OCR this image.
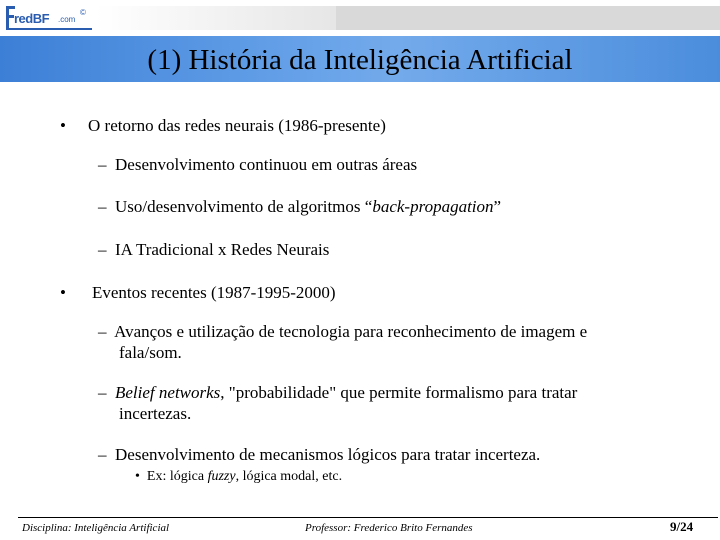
redBF .com
©
(1) História da Inteligência Artificial
• O retorno das redes neurais (1986-presente)
– Desenvolvimento continuou em outras áreas
– Uso/desenvolvimento de algoritmos “back-propagation”
– IA Tradicional x Redes Neurais
• Eventos recentes (1987-1995-2000)
– Avanços e utilização de tecnologia para reconhecimento de imagem e
fala/som.
– Belief networks, "probabilidade" que permite formalismo para tratar
incertezas.
– Desenvolvimento de mecanismos lógicos para tratar incerteza.
• Ex: lógica fuzzy, lógica modal, etc.
Disciplina: Inteligência Artificial	Professor: Frederico Brito Fernandes	9/24
